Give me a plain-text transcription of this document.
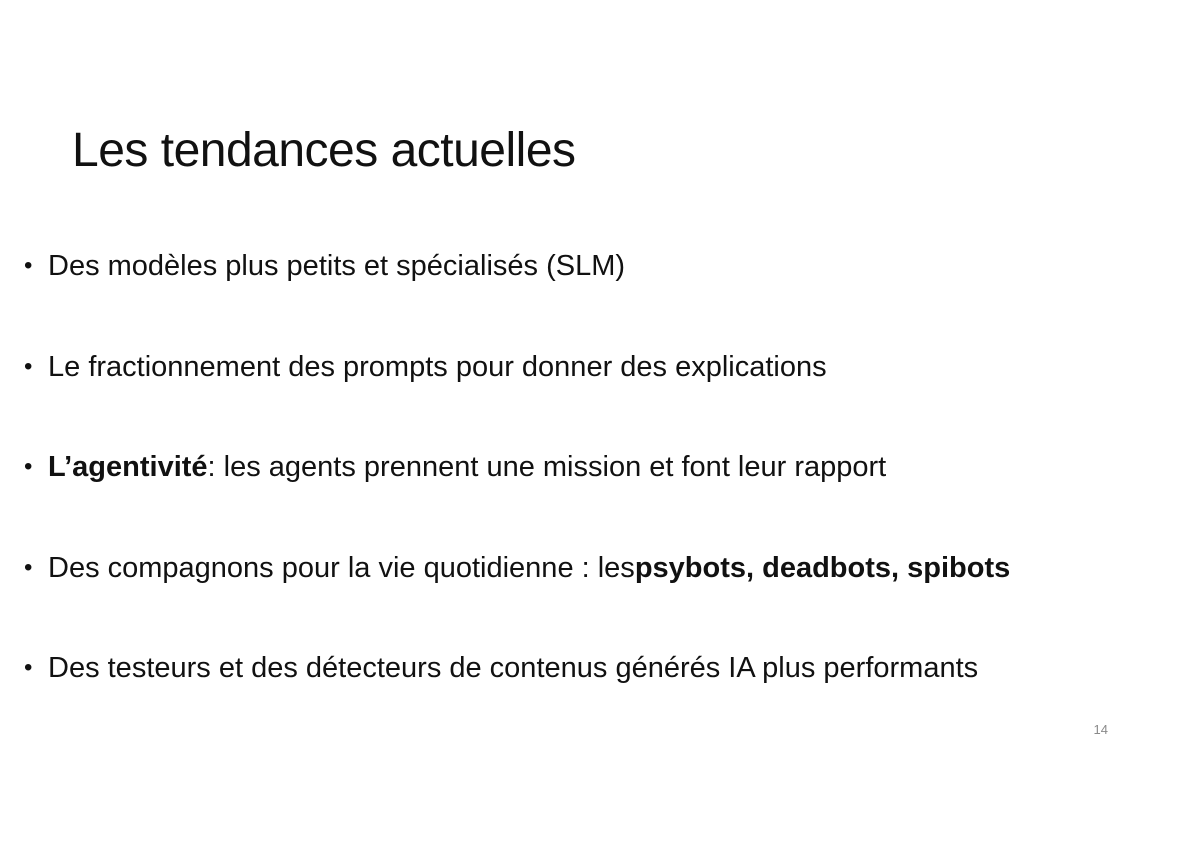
Les tendances actuelles
• Des modèles plus petits et spécialisés (SLM)
• Le fractionnement des prompts pour donner des explications
• L’agentivité : les agents prennent une mission et font leur rapport
• Des compagnons pour la vie quotidienne : les psybots, deadbots, spibots
• Des testeurs et des détecteurs de contenus générés IA plus performants
14
